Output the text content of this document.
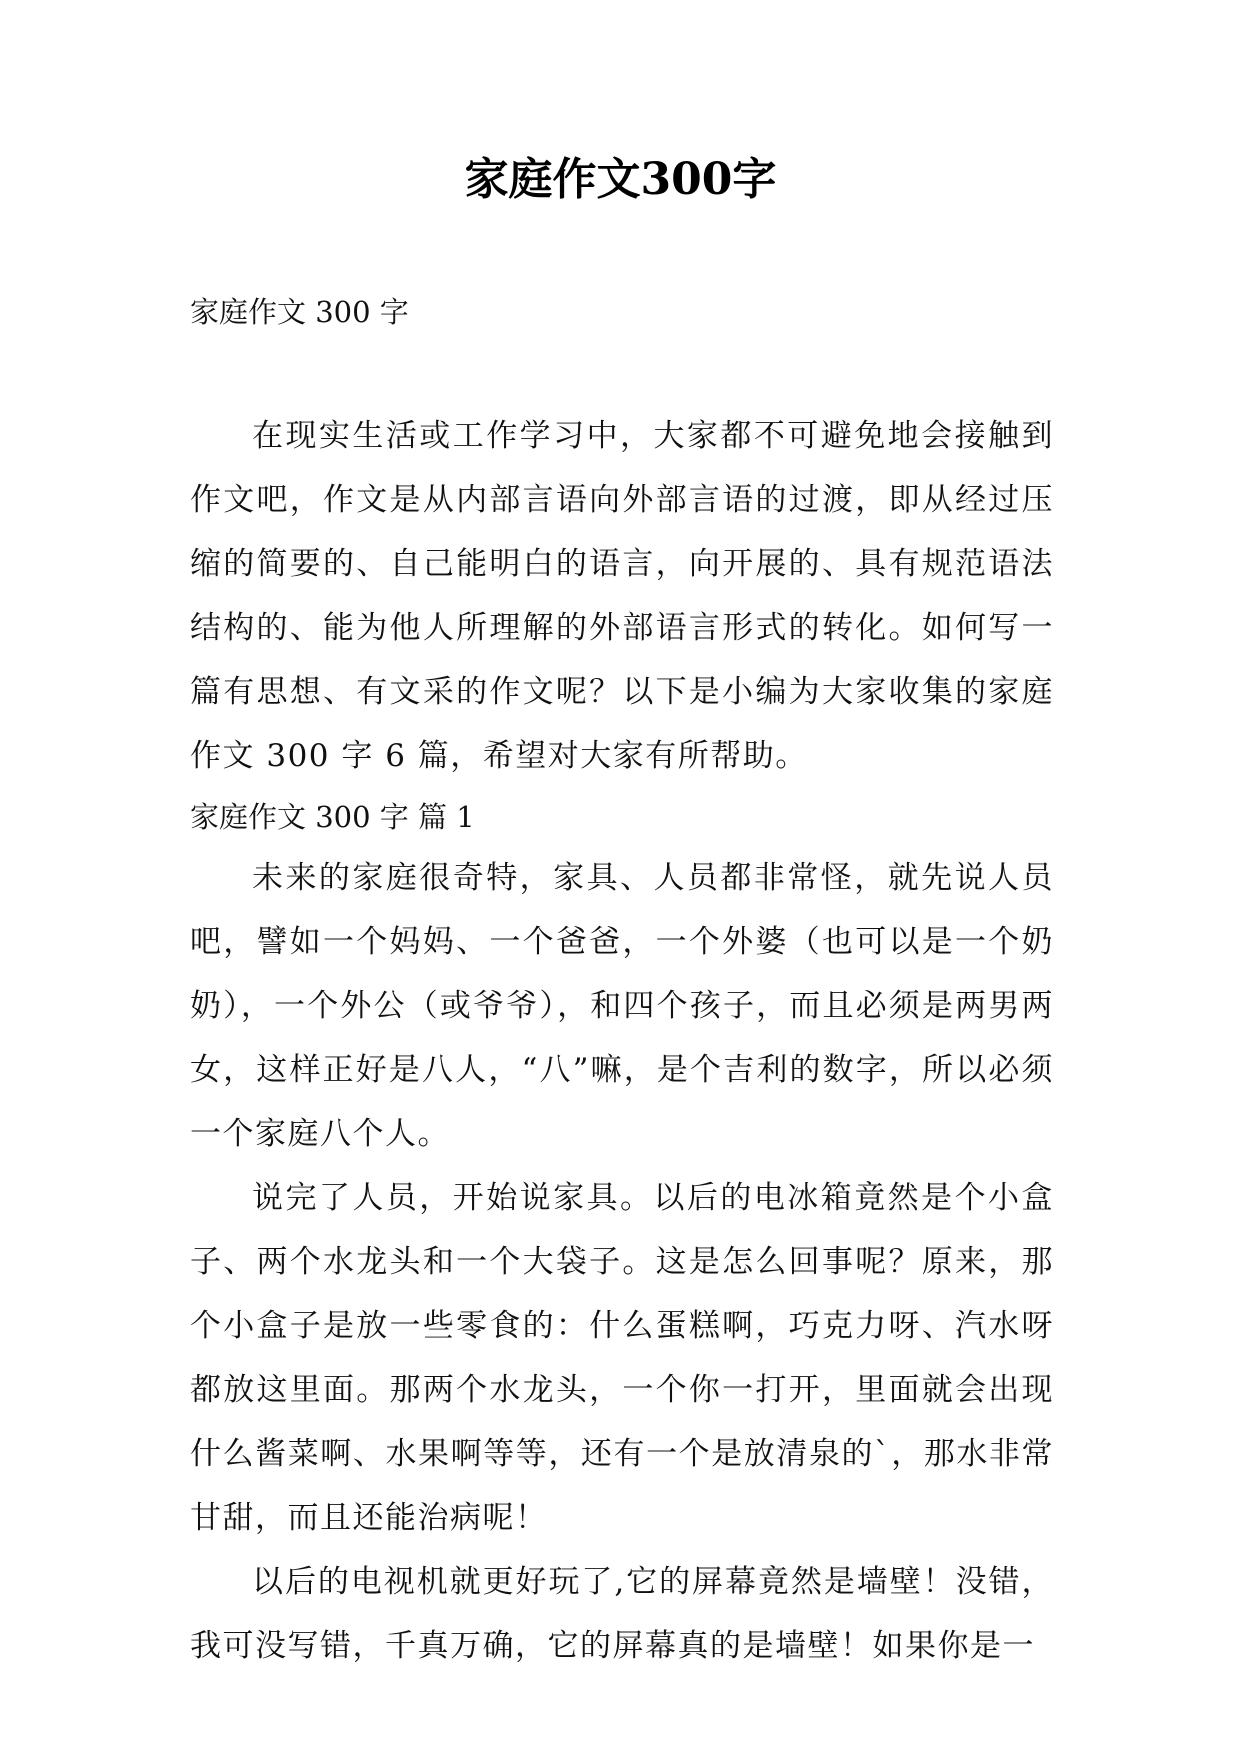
家庭作文300字
家庭作文 300 字

在现实生活或工作学习中，大家都不可避免地会接触到作文吧，作文是从内部言语向外部言语的过渡，即从经过压缩的简要的、自己能明白的语言，向开展的、具有规范语法结构的、能为他人所理解的外部语言形式的转化。如何写一篇有思想、有文采的作文呢？以下是小编为大家收集的家庭作文 300 字 6 篇，希望对大家有所帮助。

家庭作文 300 字 篇 1

未来的家庭很奇特，家具、人员都非常怪，就先说人员吧，譬如一个妈妈、一个爸爸，一个外婆（也可以是一个奶奶），一个外公（或爷爷），和四个孩子，而且必须是两男两女，这样正好是八人，“八”嘛，是个吉利的数字，所以必须一个家庭八个人。

说完了人员，开始说家具。以后的电冰箱竟然是个小盒子、两个水龙头和一个大袋子。这是怎么回事呢？原来，那个小盒子是放一些零食的：什么蛋糕啊，巧克力呀、汽水呀都放这里面。那两个水龙头，一个你一打开，里面就会出现什么酱菜啊、水果啊等等，还有一个是放清泉的`，那水非常甘甜，而且还能治病呢！

以后的电视机就更好玩了,它的屏幕竟然是墙壁！没错，我可没写错，千真万确，它的屏幕真的是墙壁！如果你是一
